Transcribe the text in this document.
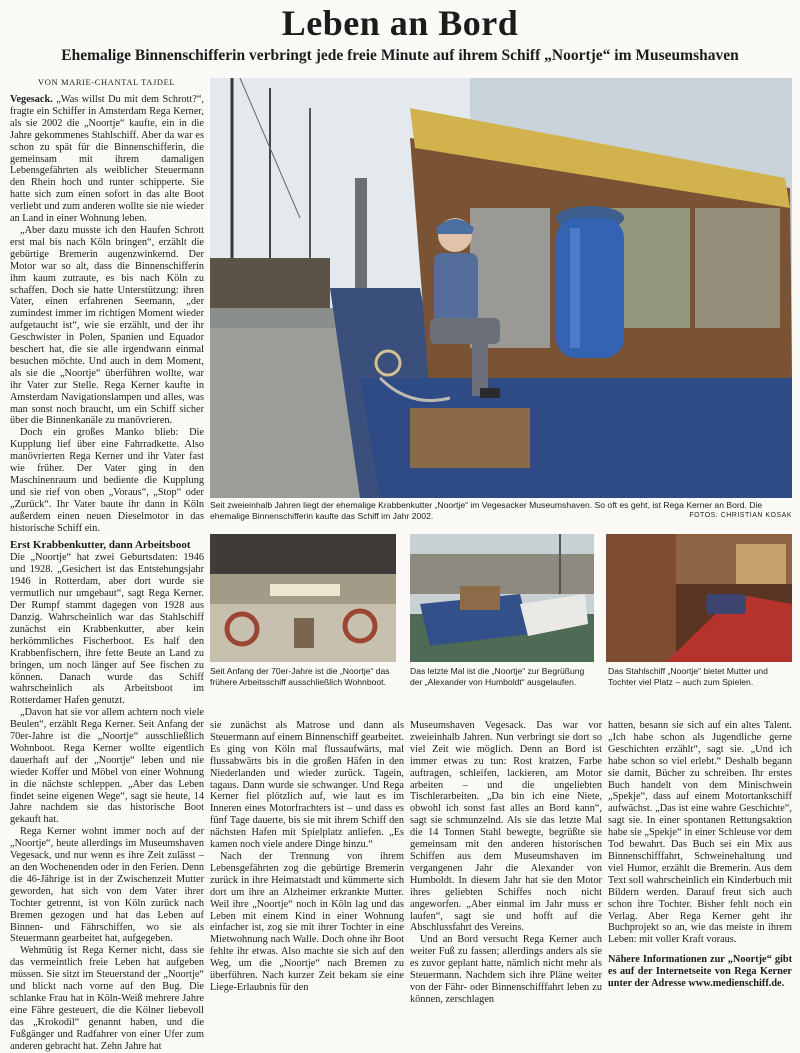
Leben an Bord
Ehemalige Binnenschifferin verbringt jede freie Minute auf ihrem Schiff „Noortje“ im Museumshaven
VON MARIE-CHANTAL TAJDEL

Vegesack. „Was willst Du mit dem Schrott?“, fragte ein Schiffer in Amsterdam Rega Kerner, als sie 2002 die „Noortje“ kaufte, ein in die Jahre gekommenes Stahlschiff. Aber da war es schon zu spät für die Binnenschifferin, die gemeinsam mit ihrem damaligen Lebensgefährten als weiblicher Steuermann den Rhein hoch und runter schipperte. Sie hatte sich zum einen sofort in das alte Boot verliebt und zum anderen wollte sie nie wieder an Land in einer Wohnung leben.

„Aber dazu musste ich den Haufen Schrott erst mal bis nach Köln bringen“, erzählt die gebürtige Bremerin augenzwinkernd. Der Motor war so alt, dass die Binnenschifferin ihm kaum zutraute, es bis nach Köln zu schaffen. Doch sie hatte Unterstützung: ihren Vater, einen erfahrenen Seemann, „der zumindest immer im richtigen Moment wieder aufgetaucht ist“, wie sie erzählt, und der ihr Geschwister in Polen, Spanien und Equador beschert hat, die sie alle irgendwann einmal besuchen möchte. Und auch in dem Moment, als sie die „Noortje“ überführen wollte, war ihr Vater zur Stelle. Rega Kerner kaufte in Amsterdam Navigationslampen und alles, was man sonst noch braucht, um ein Schiff sicher über die Binnenkanäle zu manövrieren.

Doch ein großes Manko blieb: Die Kupplung lief über eine Fahrradkette. Also manövrierten Rega Kerner und ihr Vater fast wie früher. Der Vater ging in den Maschinenraum und bediente die Kupplung und sie rief von oben „Voraus“, „Stop“ oder „Zurück“. Ihr Vater baute ihr dann in Köln außerdem einen neuen Dieselmotor in das historische Schiff ein.

Erst Krabbenkutter, dann Arbeitsboot

Die „Noortje“ hat zwei Geburtsdaten: 1946 und 1928. „Gesichert ist das Entstehungsjahr 1946 in Rotterdam, aber dort wurde sie vermutlich nur umgebaut“, sagt Rega Kerner. Der Rumpf stammt dagegen von 1928 aus Danzig. Wahrscheinlich war das Stahlschiff zunächst ein Krabbenkutter, aber kein herkömmliches Fischerboot. Es half den Krabbenfischern, ihre fette Beute an Land zu bringen, um noch länger auf See fischen zu können. Danach wurde das Schiff wahrscheinlich als Arbeitsboot im Rotterdamer Hafen genutzt.

„Davon hat sie vor allem achtern noch viele Beulen“, erzählt Rega Kerner. Seit Anfang der 70er-Jahre ist die „Noortje“ ausschließlich Wohnboot. Rega Kerner wollte eigentlich dauerhaft auf der „Noortje“ leben und nie wieder Koffer und Möbel von einer Wohnung in die nächste schleppen. „Aber das Leben findet seine eigenen Wege“, sagt sie heute, 14 Jahre nachdem sie das historische Boot gekauft hat.

Rega Kerner wohnt immer noch auf der „Noortje“, heute allerdings im Museumshaven Vegesack, und nur wenn es ihre Zeit zulässt – an den Wochenenden oder in den Ferien. Denn die 46-Jährige ist in der Zwischenzeit Mutter geworden, hat sich von dem Vater ihrer Tochter getrennt, ist von Köln zurück nach Bremen gezogen und hat das Leben auf Binnen- und Fährschiffen, wo sie als Steuermann gearbeitet hat, aufgegeben.

Wehmütig ist Rega Kerner nicht, dass sie das vermeintlich freie Leben hat aufgeben müssen. Sie sitzt im Steuerstand der „Noortje“ und blickt nach vorne auf den Bug. Die schlanke Frau hat in Köln-Weiß mehrere Jahre eine Fähre gesteuert, die die Kölner liebevoll das „Krokodil“ genannt haben, und die Fußgänger und Radfahrer von einer Ufer zum anderen gebracht hat. Zehn Jahre hat

Seit zweieinhalb Jahren liegt der ehemalige Krabbenkutter „Noortje“ im Vegesacker Museumshaven. So oft es geht, ist Rega Kerner an Bord. Die ehemalige Binnenschifferin kaufte das Schiff im Jahr 2002.	FOTOS: CHRISTIAN KOSAK
Seit Anfang der 70er-Jahre ist die „Noortje“ das frühere Arbeitsschiff ausschließlich Wohnboot.
Das letzte Mal ist die „Noortje“ zur Begrüßung der „Alexander von Humboldt“ ausgelaufen.
Das Stahlschiff „Noortje“ bietet Mutter und Tochter viel Platz – auch zum Spielen.

sie zunächst als Matrose und dann als Steuermann auf einem Binnenschiff gearbeitet. Es ging von Köln mal flussaufwärts, mal flussabwärts bis in die großen Häfen in den Niederlanden und wieder zurück. Tagein, tagaus. Dann wurde sie schwanger. Und Rega Kerner fiel plötzlich auf, wie laut es im Inneren eines Motorfrachters ist – und dass es fünf Tage dauerte, bis sie mit ihrem Schiff den nächsten Hafen mit Spielplatz anliefen. „Es kamen noch viele andere Dinge hinzu.“

Nach der Trennung von ihrem Lebensgefährten zog die gebürtige Bremerin zurück in ihre Heimatstadt und kümmerte sich dort um ihre an Alzheimer erkrankte Mutter. Weil ihre „Noortje“ noch in Köln lag und das Leben mit einem Kind in einer Wohnung einfacher ist, zog sie mit ihrer Tochter in eine Mietwohnung nach Walle. Doch ohne ihr Boot fehlte ihr etwas. Also machte sie sich auf den Weg, um die „Noortje“ nach Bremen zu überführen. Nach kurzer Zeit bekam sie eine Liege-Erlaubnis für den

Museumshaven Vegesack. Das war vor zweieinhalb Jahren. Nun verbringt sie dort so viel Zeit wie möglich. Denn an Bord ist immer etwas zu tun: Rost kratzen, Farbe auftragen, schleifen, lackieren, am Motor arbeiten – und die ungeliebten Tischlerarbeiten. „Da bin ich eine Niete, obwohl ich sonst fast alles an Bord kann“, sagt sie schmunzelnd. Als sie das letzte Mal die 14 Tonnen Stahl bewegte, begrüßte sie gemeinsam mit den anderen historischen Schiffen aus dem Museumshaven im vergangenen Jahr die Alexander von Humboldt. In diesem Jahr hat sie den Motor ihres geliebten Schiffes noch nicht angeworfen. „Aber einmal im Jahr muss er laufen“, sagt sie und hofft auf die Abschlussfahrt des Vereins.

Und an Bord versucht Rega Kerner auch weiter Fuß zu fassen; allerdings anders als sie es zuvor geplant hatte, nämlich nicht mehr als Steuermann. Nachdem sich ihre Pläne weiter von der Fähr- oder Binnenschifffahrt leben zu können, zerschlagen

hatten, besann sie sich auf ein altes Talent. „Ich habe schon als Jugendliche gerne Geschichten erzählt“, sagt sie. „Und ich habe schon so viel erlebt.“ Deshalb begann sie damit, Bücher zu schreiben. Ihr erstes Buch handelt von dem Minischwein „Spekje“, dass auf einem Motortankschiff aufwächst. „Das ist eine wahre Geschichte“, sagt sie. In einer spontanen Rettungsaktion habe sie „Spekje“ in einer Schleuse vor dem Tod bewahrt. Das Buch sei ein Mix aus Binnenschifffahrt, Schweinehaltung und viel Humor, erzählt die Bremerin. Aus dem Text soll wahrscheinlich ein Kinderbuch mit Bildern werden. Darauf freut sich auch schon ihre Tochter. Bisher fehlt noch ein Verlag. Aber Rega Kerner geht ihr Buchprojekt so an, wie das meiste in ihrem Leben: mit voller Kraft voraus.

Nähere Informationen zur „Noortje“ gibt es auf der Internetseite von Rega Kerner unter der Adresse www.medienschiff.de.
